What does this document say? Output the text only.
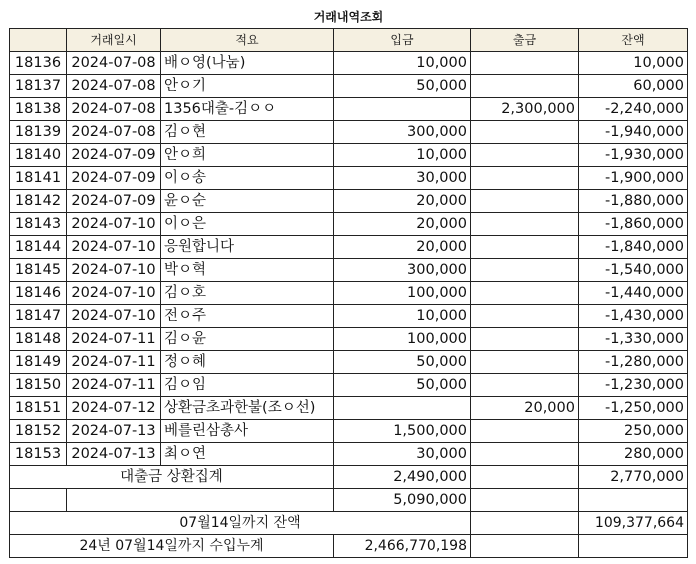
거래내역조회					
	거래일시	적요	입금	출금	잔액
18136	2024-07-08	배ㅇ영(나눔)	10,000		10,000
18137	2024-07-08	안ㅇ기	50,000		60,000
18138	2024-07-08	1356대출-김ㅇㅇ		2,300,000	-2,240,000
18139	2024-07-08	김ㅇ현	300,000		-1,940,000
18140	2024-07-09	안ㅇ희	10,000		-1,930,000
18141	2024-07-09	이ㅇ송	30,000		-1,900,000
18142	2024-07-09	윤ㅇ순	20,000		-1,880,000
18143	2024-07-10	이ㅇ은	20,000		-1,860,000
18144	2024-07-10	응원합니다	20,000		-1,840,000
18145	2024-07-10	박ㅇ혁	300,000		-1,540,000
18146	2024-07-10	김ㅇ호	100,000		-1,440,000
18147	2024-07-10	전ㅇ주	10,000		-1,430,000
18148	2024-07-11	김ㅇ윤	100,000		-1,330,000
18149	2024-07-11	정ㅇ혜	50,000		-1,280,000
18150	2024-07-11	김ㅇ임	50,000		-1,230,000
18151	2024-07-12	상환금초과한불(조ㅇ선)		20,000	-1,250,000
18152	2024-07-13	베를린삼총사	1,500,000		250,000
18153	2024-07-13	최ㅇ연	30,000		280,000
대출금 상환집계			2,490,000		2,770,000
			5,090,000		
07월14일까지 잔액					109,377,664
24년 07월14일까지 수입누계			2,466,770,198		
